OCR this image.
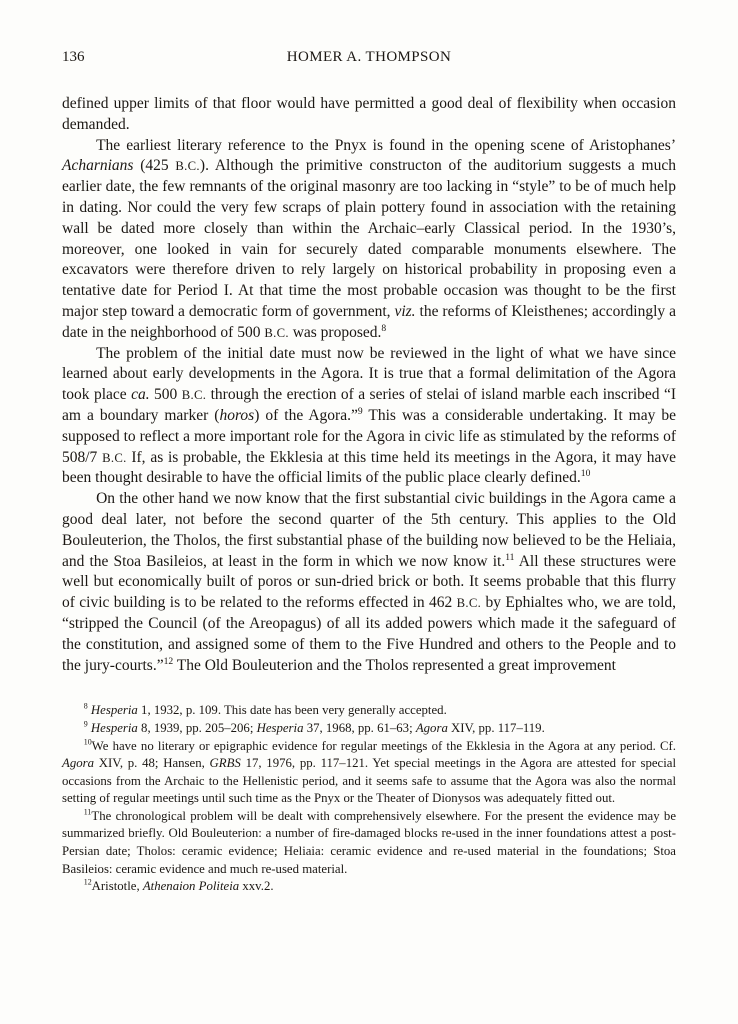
136	HOMER A. THOMPSON

defined upper limits of that floor would have permitted a good deal of flexibility when occasion demanded.

The earliest literary reference to the Pnyx is found in the opening scene of Aristophanes’ Acharnians (425 B.C.). Although the primitive constructon of the auditorium suggests a much earlier date, the few remnants of the original masonry are too lacking in “style” to be of much help in dating. Nor could the very few scraps of plain pottery found in association with the retaining wall be dated more closely than within the Archaic–early Classical period. In the 1930’s, moreover, one looked in vain for securely dated comparable monuments elsewhere. The excavators were therefore driven to rely largely on historical probability in proposing even a tentative date for Period I. At that time the most probable occasion was thought to be the first major step toward a democratic form of government, viz. the reforms of Kleisthenes; accordingly a date in the neighborhood of 500 B.C. was proposed.$^8$

The problem of the initial date must now be reviewed in the light of what we have since learned about early developments in the Agora. It is true that a formal delimitation of the Agora took place ca. 500 B.C. through the erection of a series of stelai of island marble each inscribed “I am a boundary marker (horos) of the Agora.”$^9$ This was a considerable undertaking. It may be supposed to reflect a more important role for the Agora in civic life as stimulated by the reforms of 508/7 B.C. If, as is probable, the Ekklesia at this time held its meetings in the Agora, it may have been thought desirable to have the official limits of the public place clearly defined.$^{10}$

On the other hand we now know that the first substantial civic buildings in the Agora came a good deal later, not before the second quarter of the 5th century. This applies to the Old Bouleuterion, the Tholos, the first substantial phase of the building now believed to be the Heliaia, and the Stoa Basileios, at least in the form in which we now know it.$^{11}$ All these structures were well but economically built of poros or sun-dried brick or both. It seems probable that this flurry of civic building is to be related to the reforms effected in 462 B.C. by Ephialtes who, we are told, “stripped the Council (of the Areopagus) of all its added powers which made it the safeguard of the constitution, and assigned some of them to the Five Hundred and others to the People and to the jury-courts.”$^{12}$ The Old Bouleuterion and the Tholos represented a great improvement

$^8$ Hesperia 1, 1932, p. 109. This date has been very generally accepted.

$^9$ Hesperia 8, 1939, pp. 205–206; Hesperia 37, 1968, pp. 61–63; Agora XIV, pp. 117–119.

$^{10}$We have no literary or epigraphic evidence for regular meetings of the Ekklesia in the Agora at any period. Cf. Agora XIV, p. 48; Hansen, GRBS 17, 1976, pp. 117–121. Yet special meetings in the Agora are attested for special occasions from the Archaic to the Hellenistic period, and it seems safe to assume that the Agora was also the normal setting of regular meetings until such time as the Pnyx or the Theater of Dionysos was adequately fitted out.

$^{11}$The chronological problem will be dealt with comprehensively elsewhere. For the present the evidence may be summarized briefly. Old Bouleuterion: a number of fire-damaged blocks re-used in the inner foundations attest a post-Persian date; Tholos: ceramic evidence; Heliaia: ceramic evidence and re-used material in the foundations; Stoa Basileios: ceramic evidence and much re-used material.

$^{12}$Aristotle, Athenaion Politeia xxv.2.
